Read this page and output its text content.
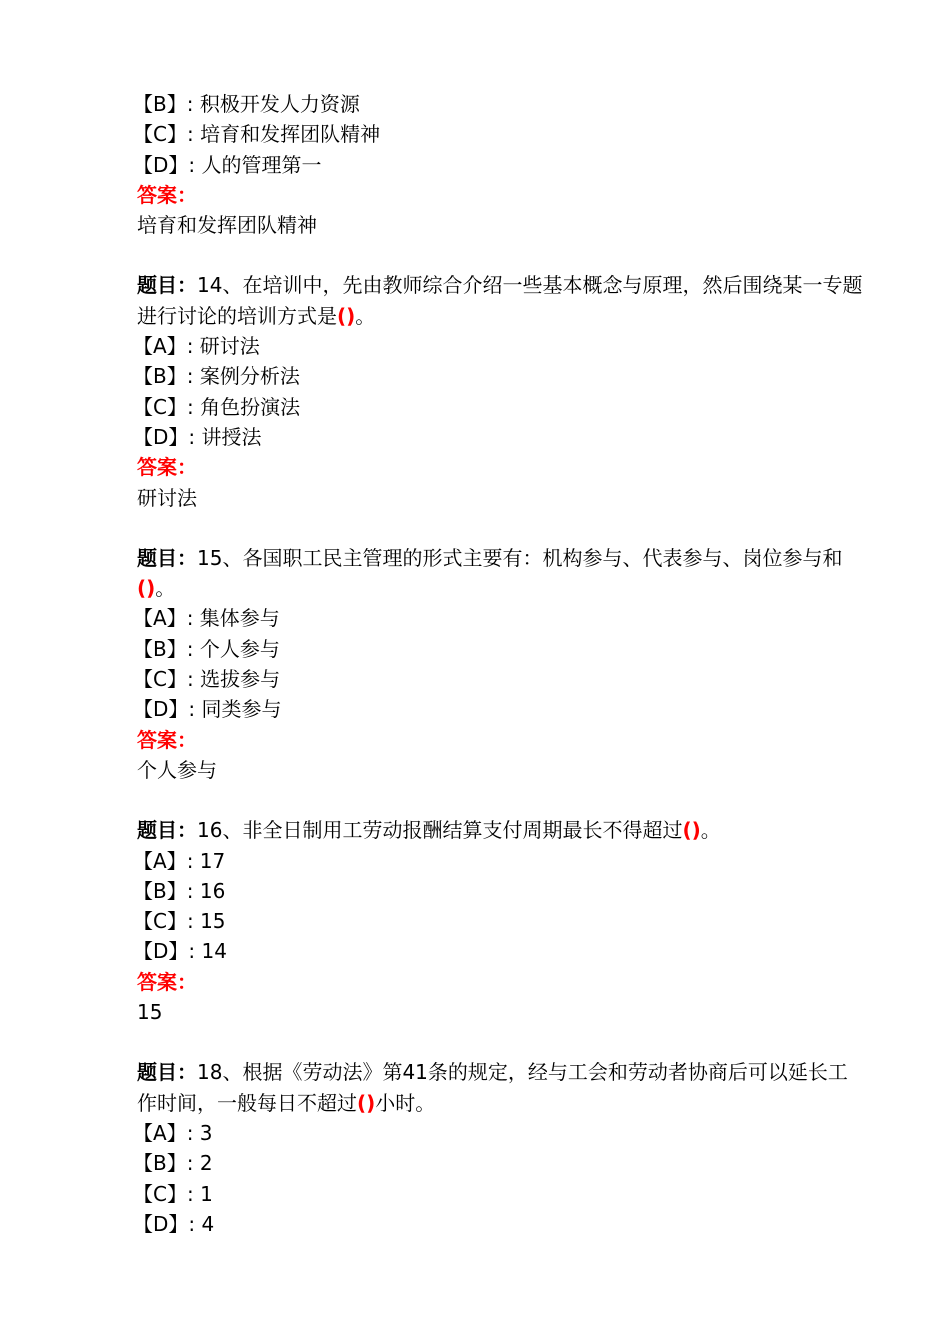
【B】: 积极开发人力资源
【C】: 培育和发挥团队精神
【D】: 人的管理第一
答案：
培育和发挥团队精神
题目：14、在培训中，先由教师综合介绍一些基本概念与原理，然后围绕某一专题进行讨论的培训方式是()。
【A】: 研讨法
【B】: 案例分析法
【C】: 角色扮演法
【D】: 讲授法
答案：
研讨法
题目：15、各国职工民主管理的形式主要有：机构参与、代表参与、岗位参与和()。
【A】: 集体参与
【B】: 个人参与
【C】: 选拔参与
【D】: 同类参与
答案：
个人参与
题目：16、非全日制用工劳动报酬结算支付周期最长不得超过()。
【A】: 17
【B】: 16
【C】: 15
【D】: 14
答案：
15
题目：18、根据《劳动法》第41条的规定，经与工会和劳动者协商后可以延长工作时间，一般每日不超过()小时。
【A】: 3
【B】: 2
【C】: 1
【D】: 4
